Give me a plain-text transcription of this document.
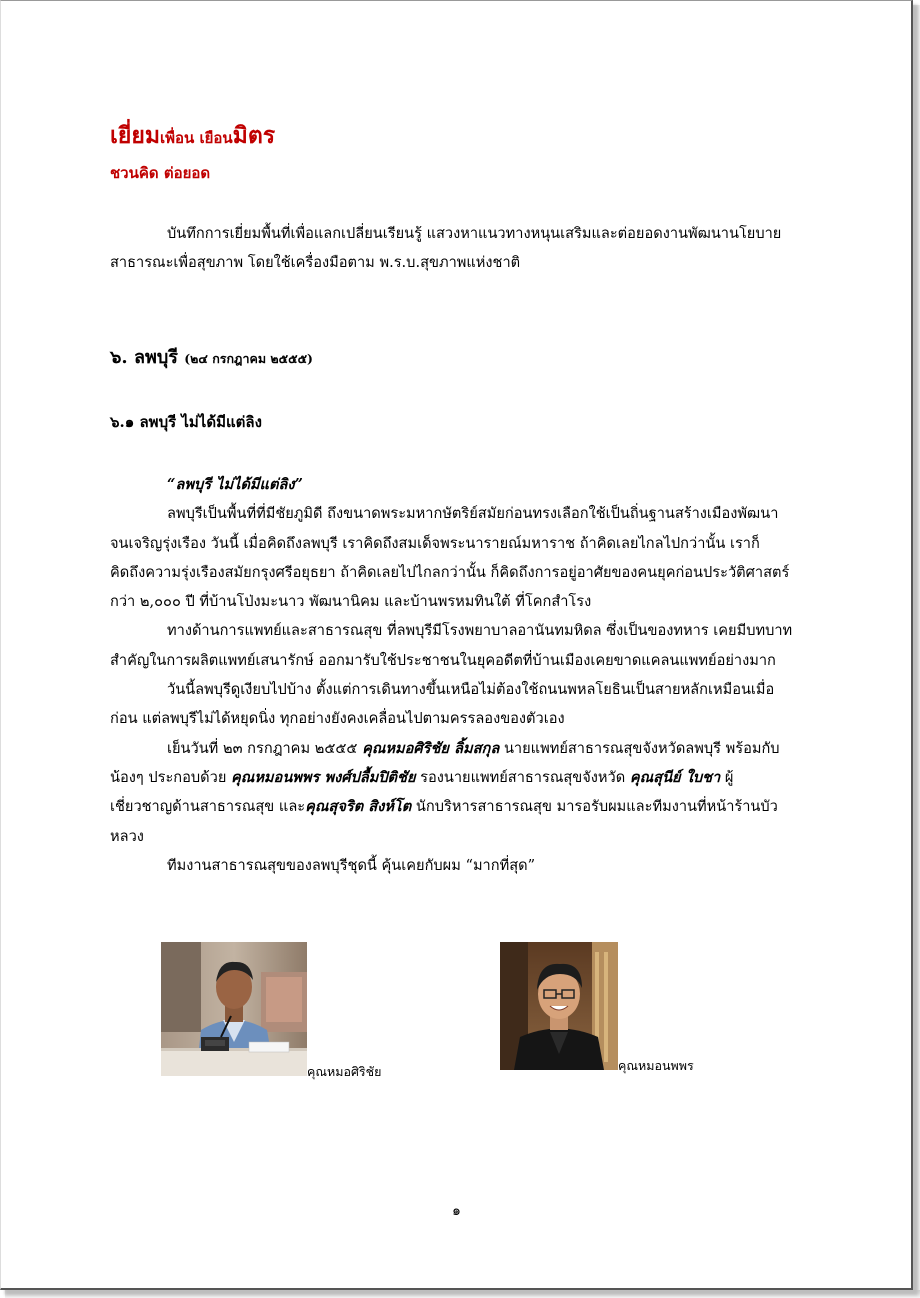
เยี่ยมเพื่อน เยือนมิตร
ชวนคิด ต่อยอด

บันทึกการเยี่ยมพื้นที่เพื่อแลกเปลี่ยนเรียนรู้ แสวงหาแนวทางหนุนเสริมและต่อยอดงานพัฒนานโยบายสาธารณะเพื่อสุขภาพ โดยใช้เครื่องมือตาม พ.ร.บ.สุขภาพแห่งชาติ

๖. ลพบุรี (๒๔ กรกฎาคม ๒๕๕๕)
๖.๑ ลพบุรี ไม่ได้มีแต่ลิง

“ลพบุรี ไม่ได้มีแต่ลิง”

ลพบุรีเป็นพื้นที่ที่มีชัยภูมิดี ถึงขนาดพระมหากษัตริย์สมัยก่อนทรงเลือกใช้เป็นถิ่นฐานสร้างเมืองพัฒนาจนเจริญรุ่งเรือง วันนี้ เมื่อคิดถึงลพบุรี เราคิดถึงสมเด็จพระนารายณ์มหาราช ถ้าคิดเลยไกลไปกว่านั้น เราก็คิดถึงความรุ่งเรืองสมัยกรุงศรีอยุธยา ถ้าคิดเลยไปไกลกว่านั้น ก็คิดถึงการอยู่อาศัยของคนยุคก่อนประวัติศาสตร์ กว่า ๒,๐๐๐ ปี ที่บ้านโป่งมะนาว พัฒนานิคม และบ้านพรหมทินใต้ ที่โคกสำโรง

ทางด้านการแพทย์และสาธารณสุข ที่ลพบุรีมีโรงพยาบาลอานันทมหิดล ซึ่งเป็นของทหาร เคยมีบทบาทสำคัญในการผลิตแพทย์เสนารักษ์ ออกมารับใช้ประชาชนในยุคอดีตที่บ้านเมืองเคยขาดแคลนแพทย์อย่างมาก

วันนี้ลพบุรีดูเงียบไปบ้าง ตั้งแต่การเดินทางขึ้นเหนือไม่ต้องใช้ถนนพหลโยธินเป็นสายหลักเหมือนเมื่อก่อน แต่ลพบุรีไม่ได้หยุดนิ่ง ทุกอย่างยังคงเคลื่อนไปตามครรลองของตัวเอง

เย็นวันที่ ๒๓ กรกฎาคม ๒๕๕๕ คุณหมอศิริชัย ลิ้มสกุล นายแพทย์สาธารณสุขจังหวัดลพบุรี พร้อมกับน้องๆ ประกอบด้วย คุณหมอนพพร พงศ์ปลื้มปิติชัย รองนายแพทย์สาธารณสุขจังหวัด คุณสุนีย์ ใบชา ผู้เชี่ยวชาญด้านสาธารณสุข และคุณสุจริต สิงห์โต นักบริหารสาธารณสุข มารอรับผมและทีมงานที่หน้าร้านบัวหลวง

ทีมงานสาธารณสุขของลพบุรีชุดนี้ คุ้นเคยกับผม “มากที่สุด”

คุณหมอศิริชัย	คุณหมอนพพร
๑
